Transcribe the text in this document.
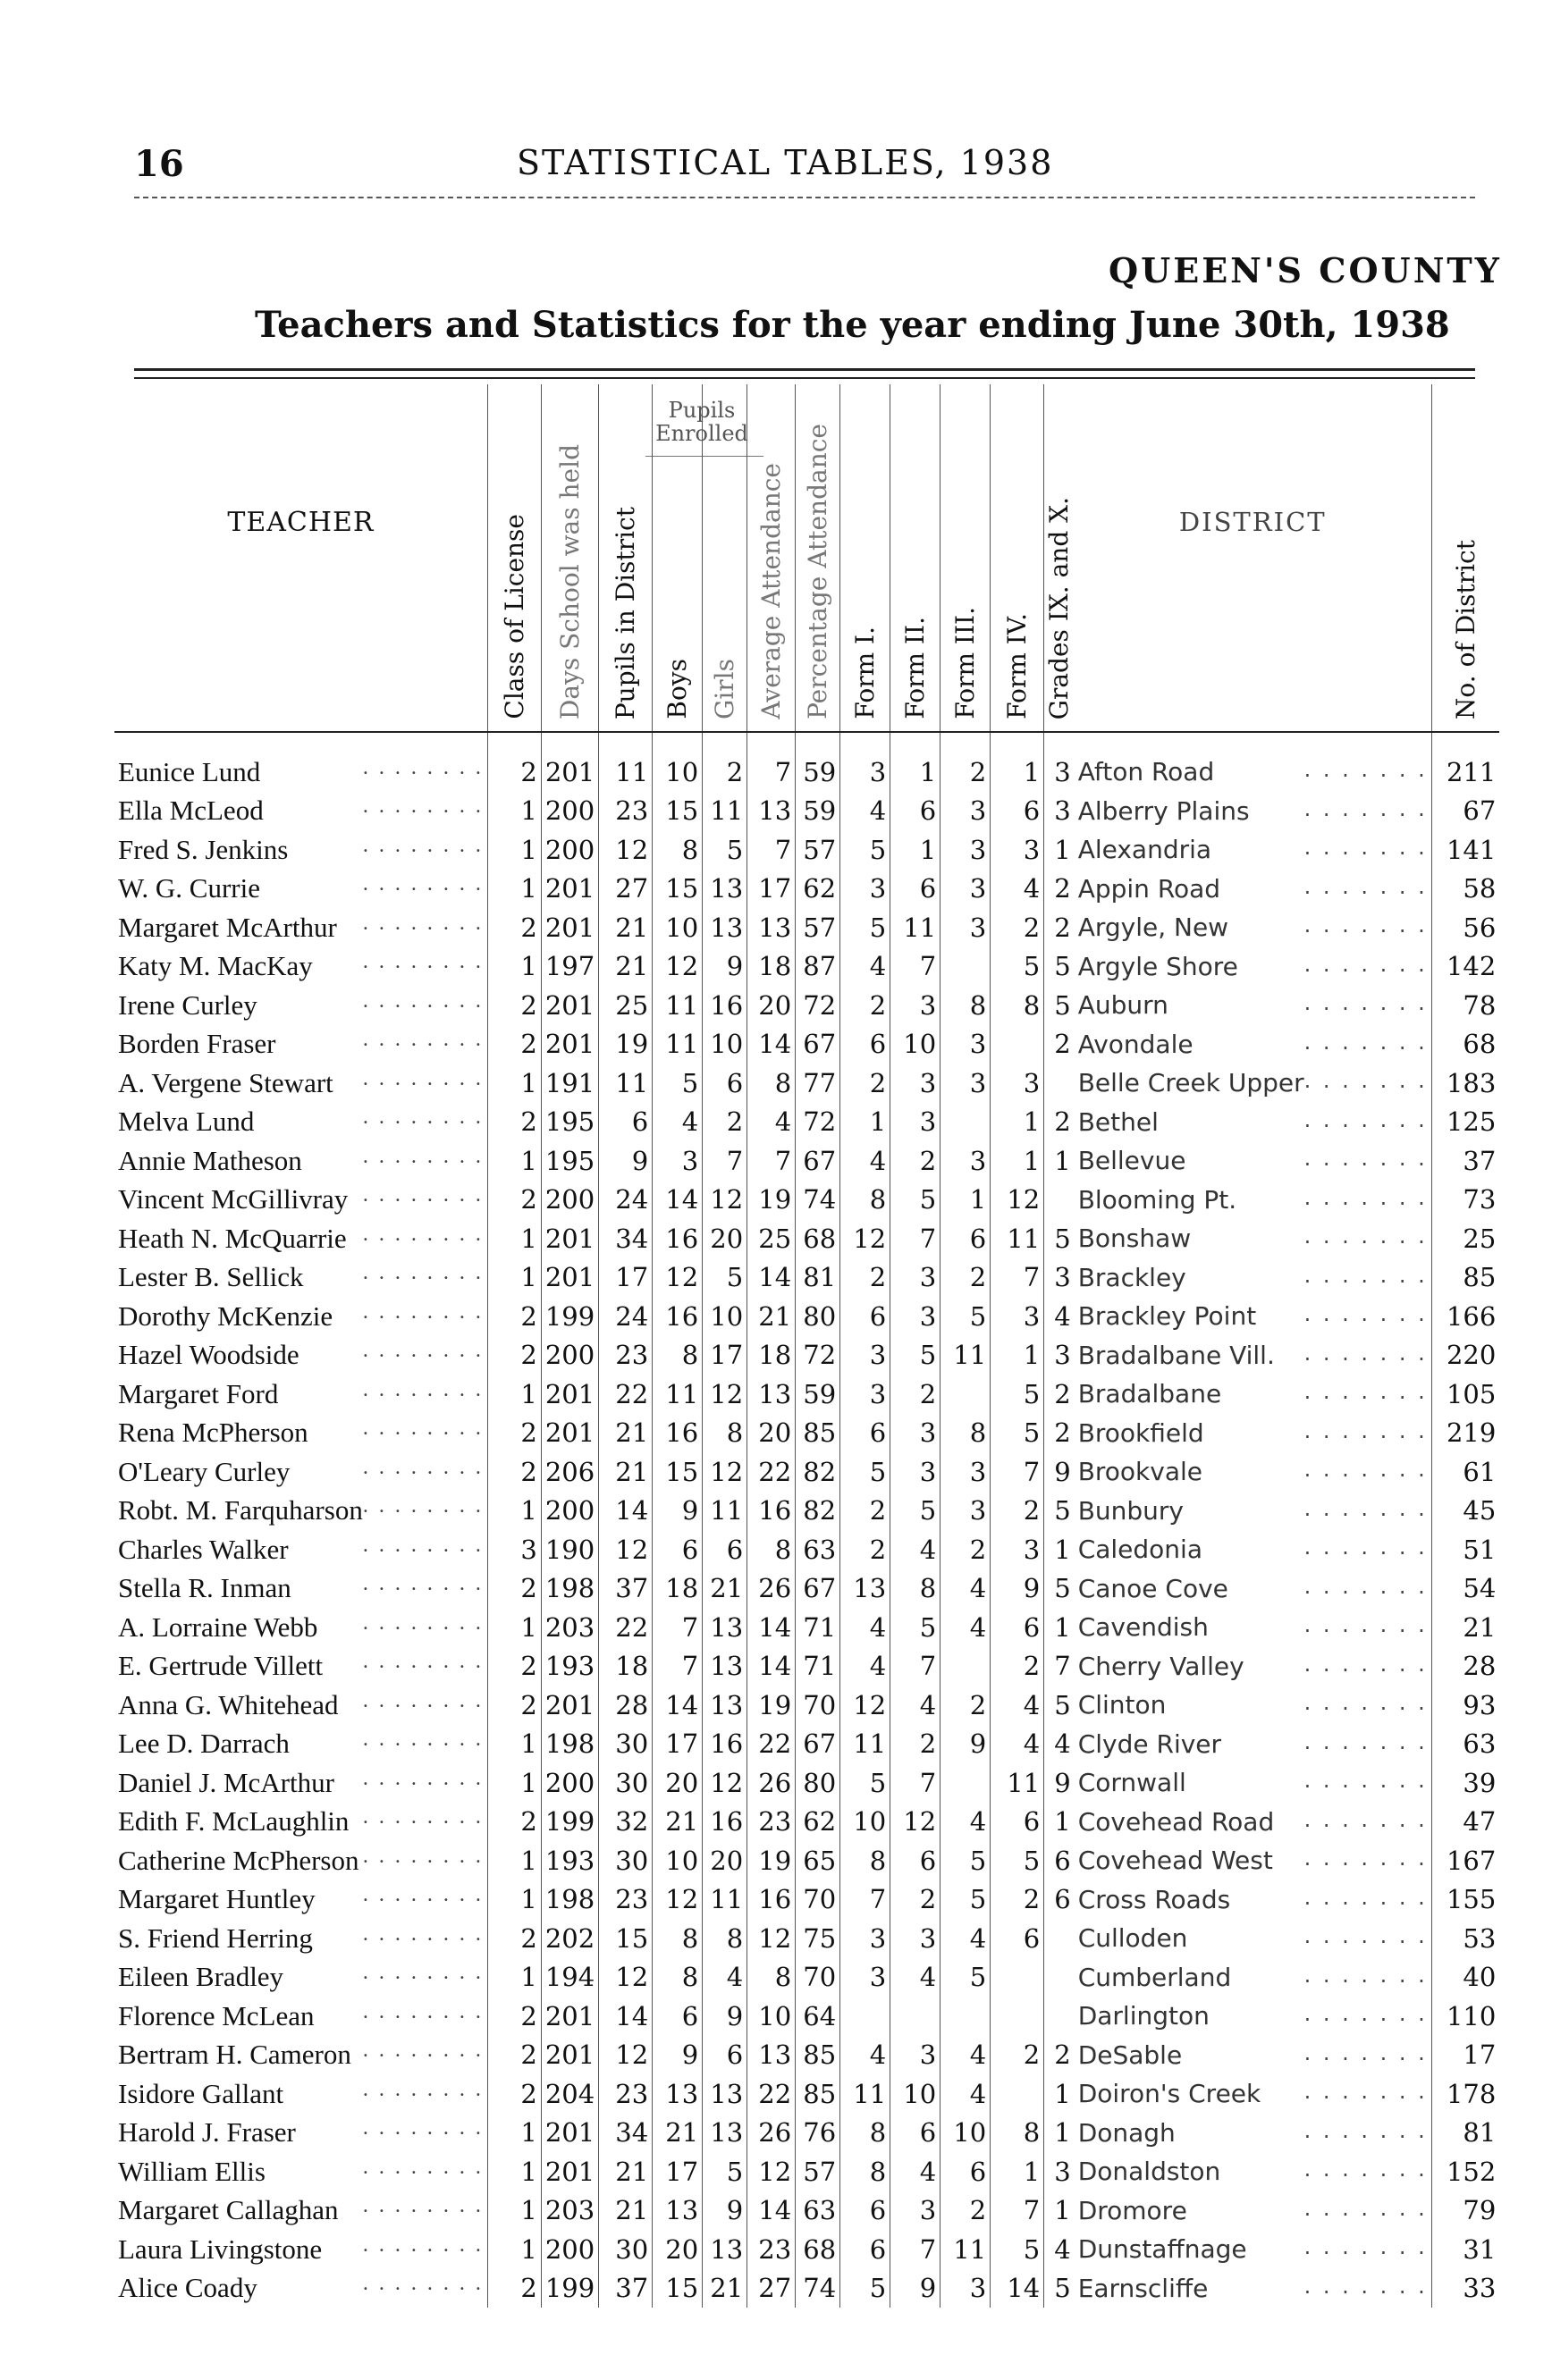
16	STATISTICAL TABLES, 1938
QUEEN'S COUNTY
Teachers and Statistics for the year ending June 30th, 1938
Pupils Enrolled
TEACHER	Class of License	Days School was held	Pupils in District	Boys	Girls	Average Attendance	Percentage Attendance	Form I.	Form II.	Form III.	Form IV.	Grades IX. and X.	DISTRICT	No. of District

Eunice Lund . . . . . . . .	2	201	11	10	2	7	59	3	1	2	1	3	Afton Road . . . . . . .	211

Ella McLeod . . . . . . . .	1	200	23	15	11	13	59	4	6	3	6	3	Alberry Plains . . . . . . .	67

Fred S. Jenkins . . . . . . . .	1	200	12	8	5	7	57	5	1	3	3	1	Alexandria . . . . . . .	141

W. G. Currie . . . . . . . .	1	201	27	15	13	17	62	3	6	3	4	2	Appin Road . . . . . . .	58

Margaret McArthur . . . . . . . .	2	201	21	10	13	13	57	5	11	3	2	2	Argyle, New . . . . . . .	56

Katy M. MacKay . . . . . . . .	1	197	21	12	9	18	87	4	7		5	5	Argyle Shore . . . . . . .	142

Irene Curley . . . . . . . .	2	201	25	11	16	20	72	2	3	8	8	5	Auburn . . . . . . .	78

Borden Fraser . . . . . . . .	2	201	19	11	10	14	67	6	10	3		2	Avondale . . . . . . .	68

A. Vergene Stewart . . . . . . . .	1	191	11	5	6	8	77	2	3	3	3		Belle Creek Upper . . . . . . .	183

Melva Lund . . . . . . . .	2	195	6	4	2	4	72	1	3		1	2	Bethel . . . . . . .	125

Annie Matheson . . . . . . . .	1	195	9	3	7	7	67	4	2	3	1	1	Bellevue . . . . . . .	37

Vincent McGillivray . . . . . . . .	2	200	24	14	12	19	74	8	5	1	12		Blooming Pt. . . . . . . .	73

Heath N. McQuarrie . . . . . . . .	1	201	34	16	20	25	68	12	7	6	11	5	Bonshaw . . . . . . .	25

Lester B. Sellick . . . . . . . .	1	201	17	12	5	14	81	2	3	2	7	3	Brackley . . . . . . .	85

Dorothy McKenzie . . . . . . . .	2	199	24	16	10	21	80	6	3	5	3	4	Brackley Point . . . . . . .	166

Hazel Woodside . . . . . . . .	2	200	23	8	17	18	72	3	5	11	1	3	Bradalbane Vill. . . . . . . .	220

Margaret Ford . . . . . . . .	1	201	22	11	12	13	59	3	2		5	2	Bradalbane . . . . . . .	105

Rena McPherson . . . . . . . .	2	201	21	16	8	20	85	6	3	8	5	2	Brookfield . . . . . . .	219

O'Leary Curley . . . . . . . .	2	206	21	15	12	22	82	5	3	3	7	9	Brookvale . . . . . . .	61

Robt. M. Farquharson . . . . . . . .	1	200	14	9	11	16	82	2	5	3	2	5	Bunbury . . . . . . .	45

Charles Walker . . . . . . . .	3	190	12	6	6	8	63	2	4	2	3	1	Caledonia . . . . . . .	51

Stella R. Inman . . . . . . . .	2	198	37	18	21	26	67	13	8	4	9	5	Canoe Cove . . . . . . .	54

A. Lorraine Webb . . . . . . . .	1	203	22	7	13	14	71	4	5	4	6	1	Cavendish . . . . . . .	21

E. Gertrude Villett . . . . . . . .	2	193	18	7	13	14	71	4	7		2	7	Cherry Valley . . . . . . .	28

Anna G. Whitehead . . . . . . . .	2	201	28	14	13	19	70	12	4	2	4	5	Clinton . . . . . . .	93

Lee D. Darrach . . . . . . . .	1	198	30	17	16	22	67	11	2	9	4	4	Clyde River . . . . . . .	63

Daniel J. McArthur . . . . . . . .	1	200	30	20	12	26	80	5	7		11	9	Cornwall . . . . . . .	39

Edith F. McLaughlin . . . . . . . .	2	199	32	21	16	23	62	10	12	4	6	1	Covehead Road . . . . . . .	47

Catherine McPherson . . . . . . . .	1	193	30	10	20	19	65	8	6	5	5	6	Covehead West . . . . . . .	167

Margaret Huntley . . . . . . . .	1	198	23	12	11	16	70	7	2	5	2	6	Cross Roads . . . . . . .	155

S. Friend Herring . . . . . . . .	2	202	15	8	8	12	75	3	3	4	6		Culloden . . . . . . .	53

Eileen Bradley . . . . . . . .	1	194	12	8	4	8	70	3	4	5			Cumberland . . . . . . .	40

Florence McLean . . . . . . . .	2	201	14	6	9	10	64						Darlington . . . . . . .	110

Bertram H. Cameron . . . . . . . .	2	201	12	9	6	13	85	4	3	4	2	2	DeSable . . . . . . .	17

Isidore Gallant . . . . . . . .	2	204	23	13	13	22	85	11	10	4		1	Doiron's Creek . . . . . . .	178

Harold J. Fraser . . . . . . . .	1	201	34	21	13	26	76	8	6	10	8	1	Donagh . . . . . . .	81

William Ellis . . . . . . . .	1	201	21	17	5	12	57	8	4	6	1	3	Donaldston . . . . . . .	152

Margaret Callaghan . . . . . . . .	1	203	21	13	9	14	63	6	3	2	7	1	Dromore . . . . . . .	79

Laura Livingstone . . . . . . . .	1	200	30	20	13	23	68	6	7	11	5	4	Dunstaffnage . . . . . . .	31

Alice Coady . . . . . . . .	2	199	37	15	21	27	74	5	9	3	14	5	Earnscliffe . . . . . . .	33
